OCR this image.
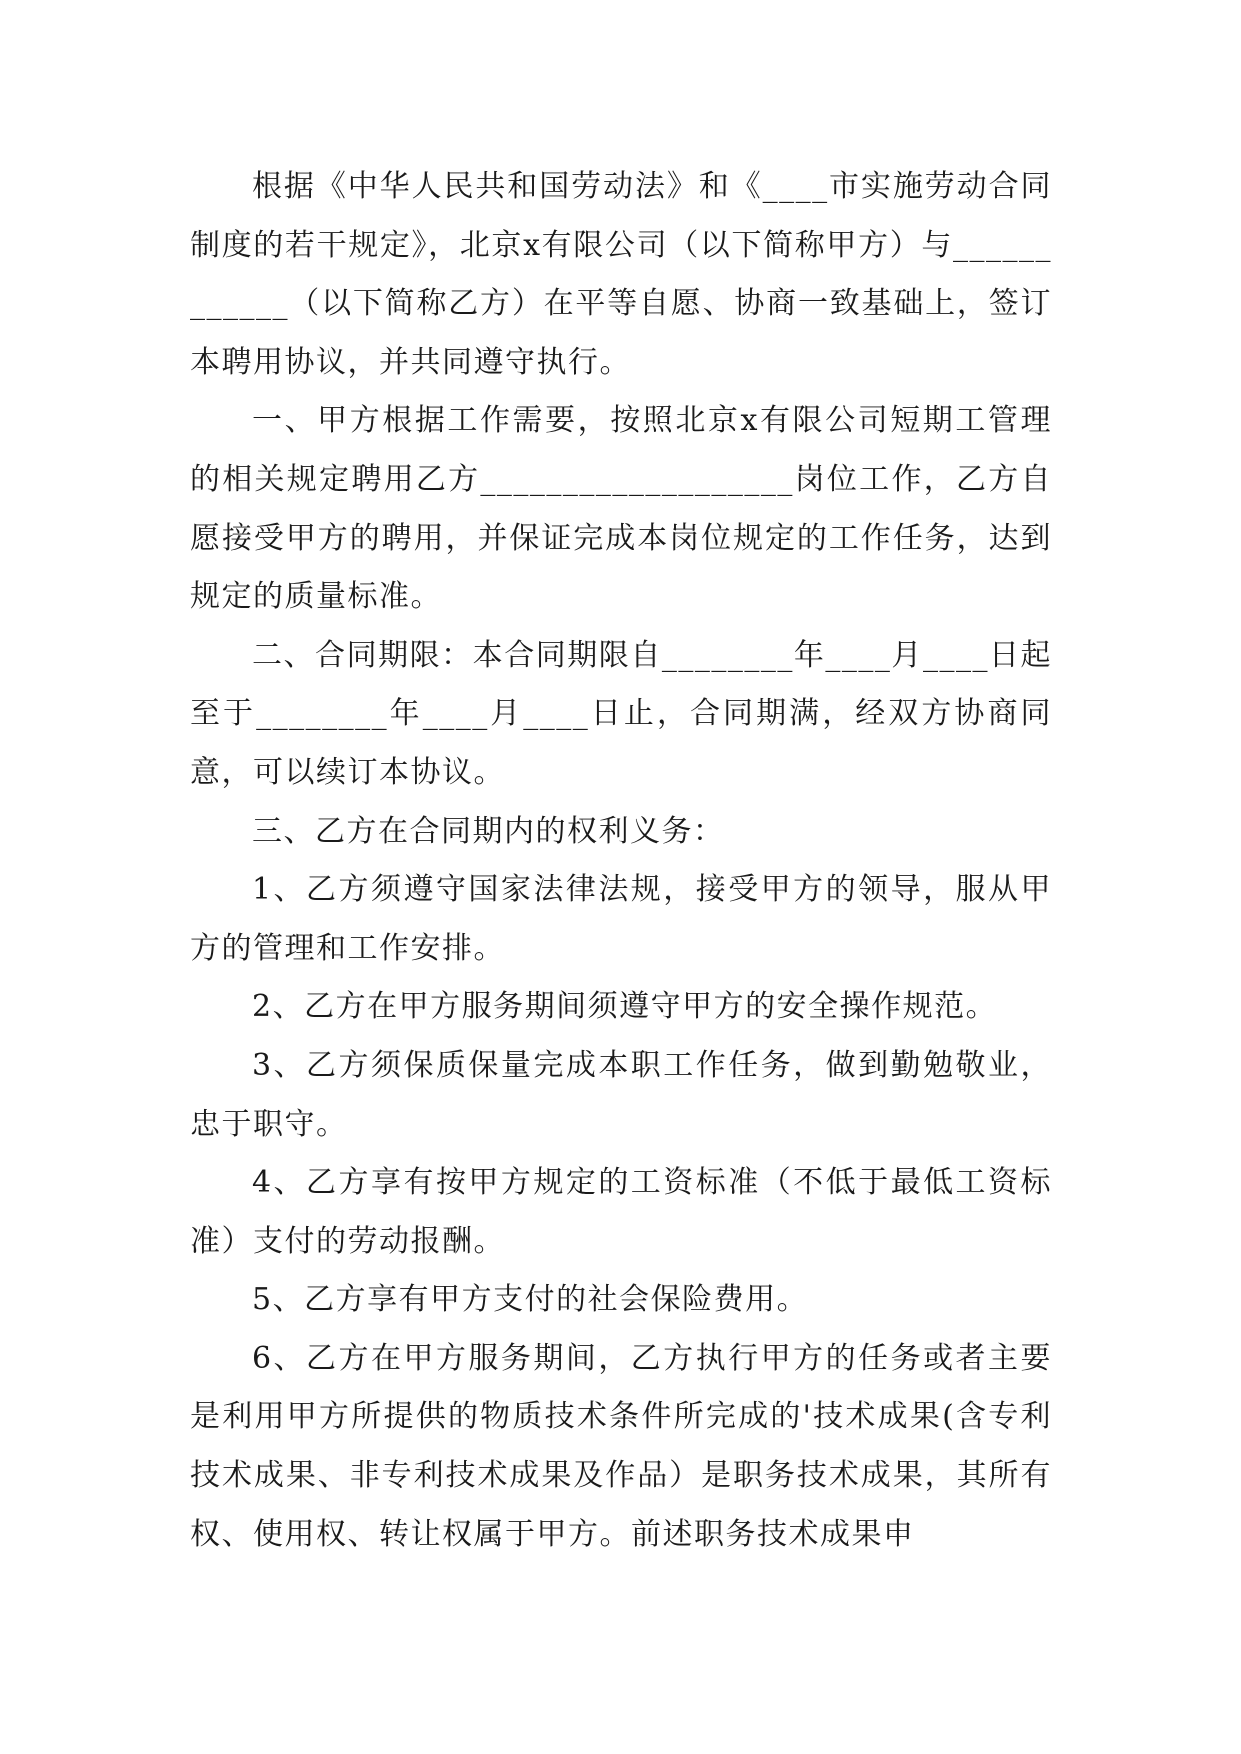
根据《中华人民共和国劳动法》和《____市实施劳动合同制度的若干规定》，北京x有限公司（以下简称甲方）与____________（以下简称乙方）在平等自愿、协商一致基础上，签订本聘用协议，并共同遵守执行。

一、甲方根据工作需要，按照北京x有限公司短期工管理的相关规定聘用乙方___________________岗位工作，乙方自愿接受甲方的聘用，并保证完成本岗位规定的工作任务，达到规定的质量标准。

二、合同期限：本合同期限自________年____月____日起至于________年____月____日止，合同期满，经双方协商同意，可以续订本协议。

三、乙方在合同期内的权利义务：

1、乙方须遵守国家法律法规，接受甲方的领导，服从甲方的管理和工作安排。

2、乙方在甲方服务期间须遵守甲方的安全操作规范。

3、乙方须保质保量完成本职工作任务，做到勤勉敬业，忠于职守。

4、乙方享有按甲方规定的工资标准（不低于最低工资标准）支付的劳动报酬。

5、乙方享有甲方支付的社会保险费用。

6、乙方在甲方服务期间，乙方执行甲方的任务或者主要是利用甲方所提供的物质技术条件所完成的'技术成果(含专利技术成果、非专利技术成果及作品）是职务技术成果，其所有权、使用权、转让权属于甲方。前述职务技术成果申
